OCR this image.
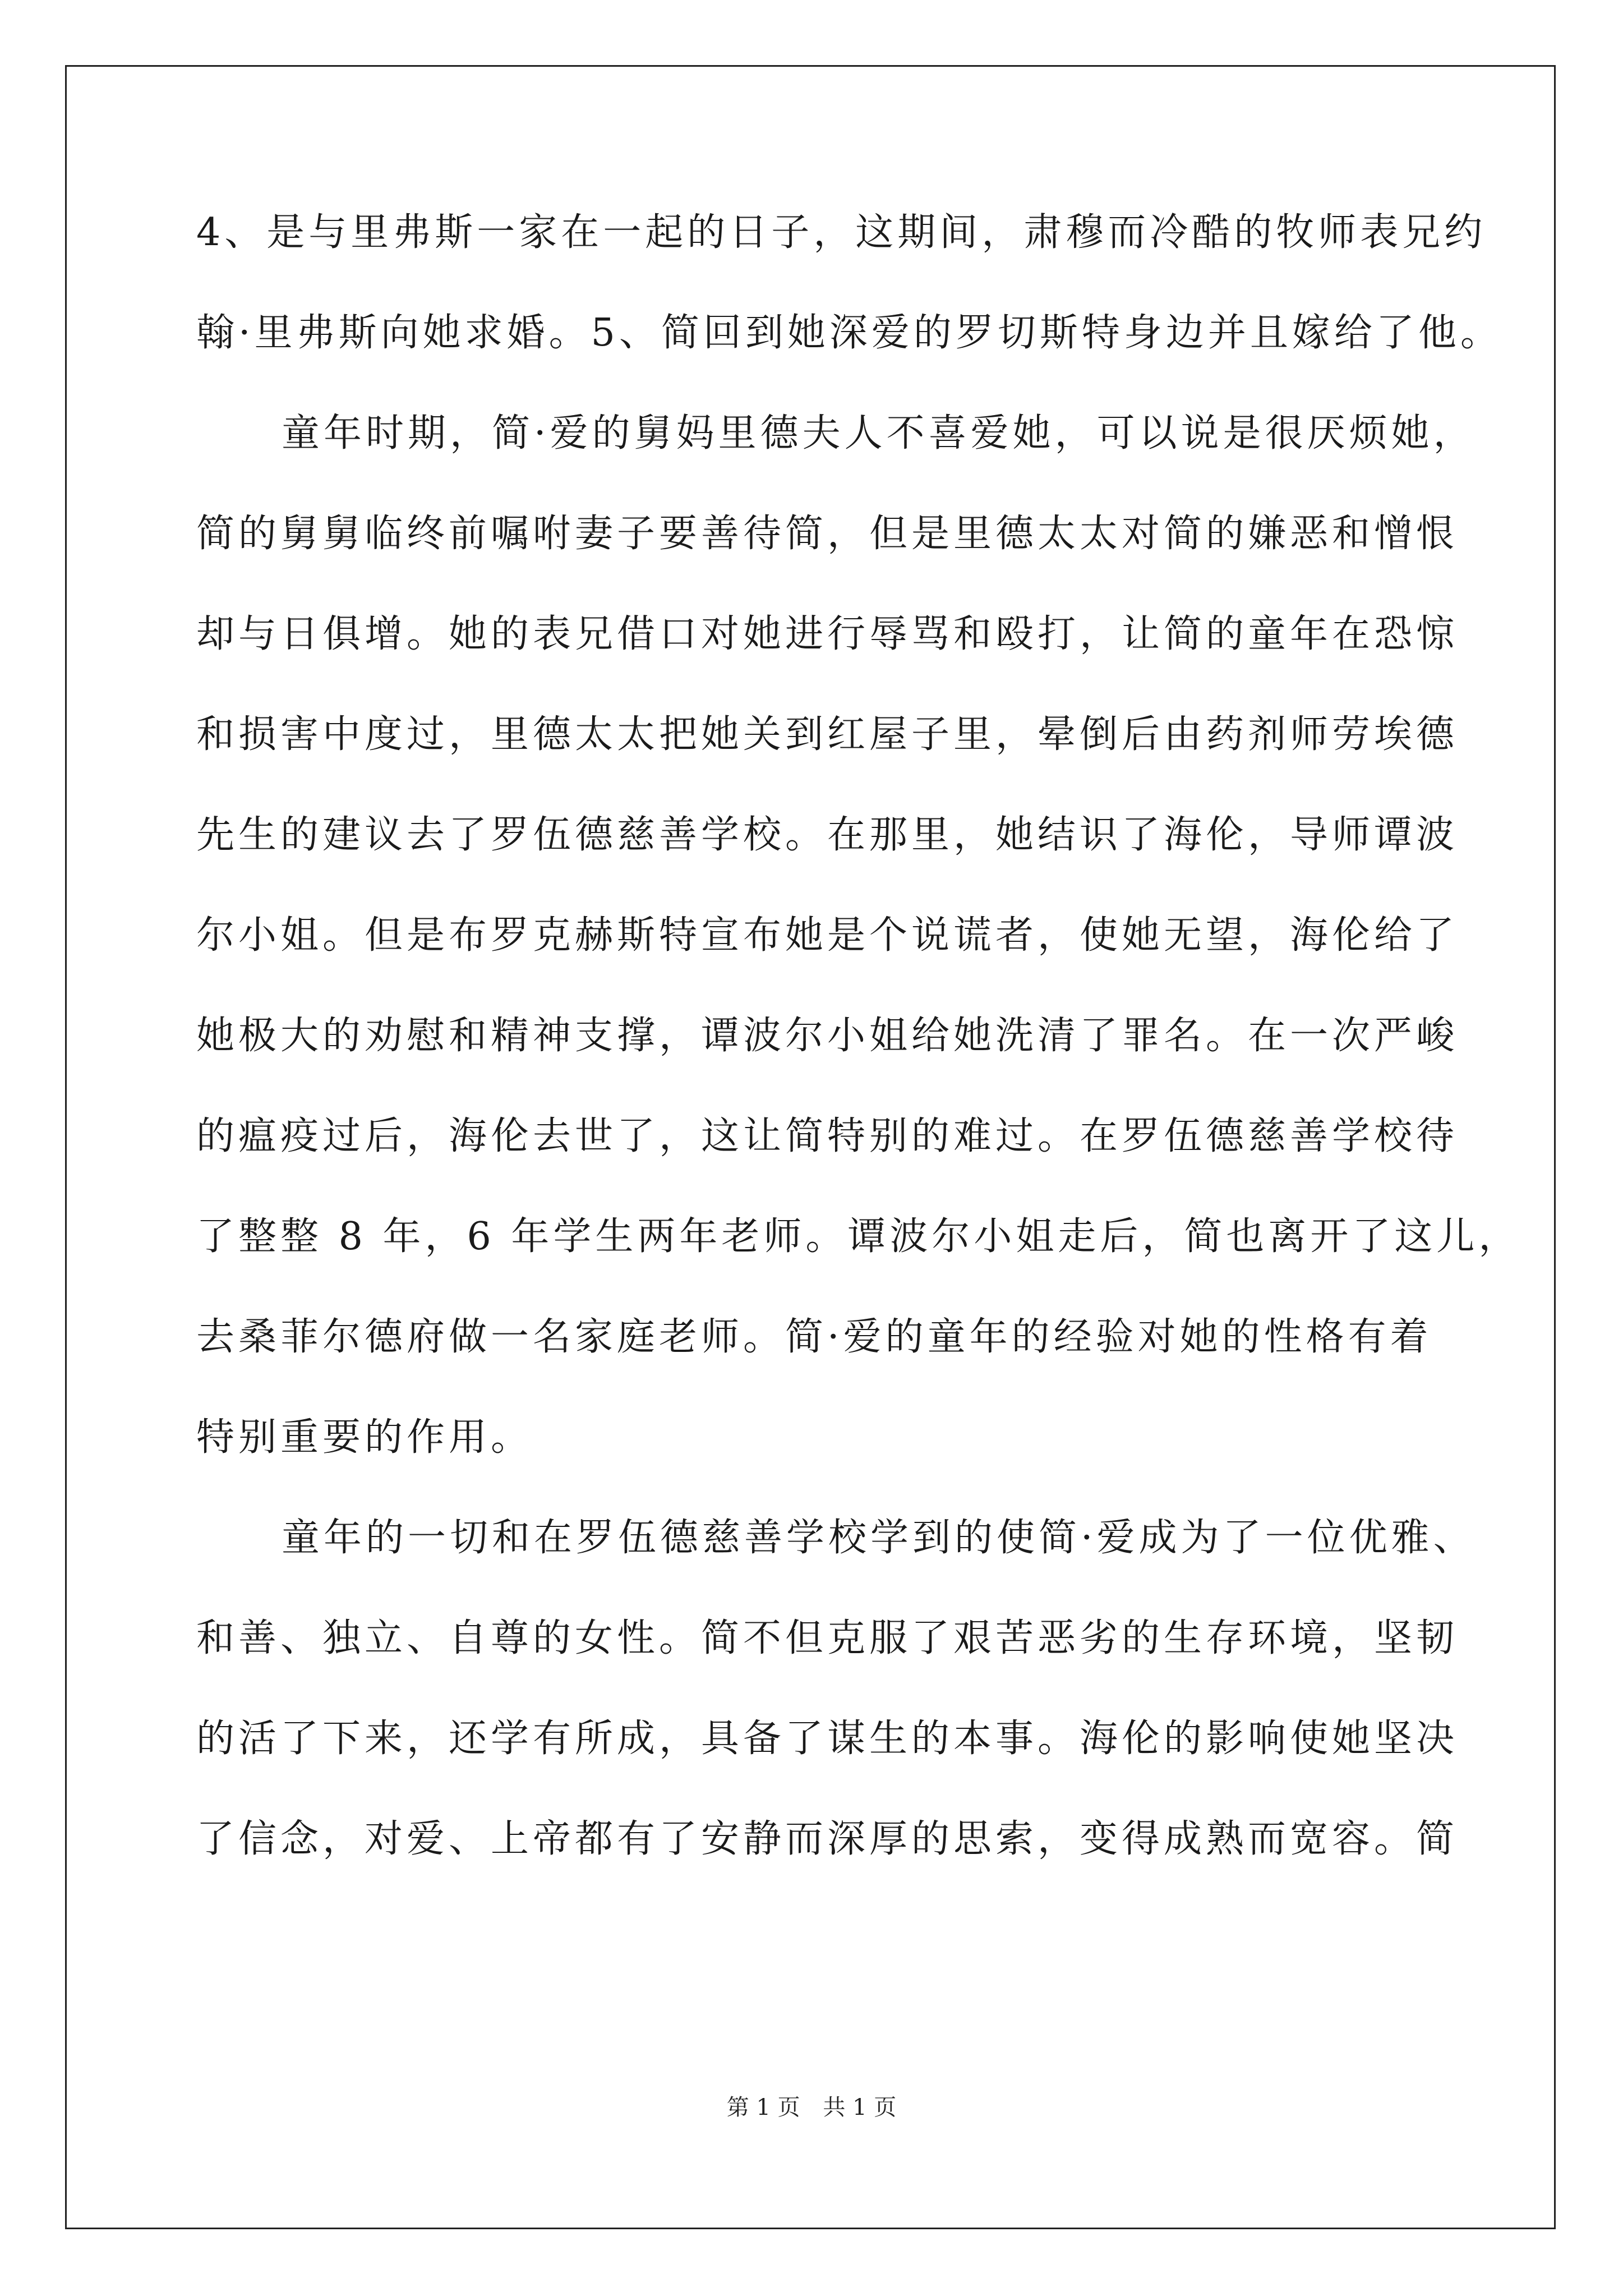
4、是与里弗斯一家在一起的日子，这期间，肃穆而冷酷的牧师表兄约
翰·里弗斯向她求婚。5、简回到她深爱的罗切斯特身边并且嫁给了他。
童年时期，简·爱的舅妈里德夫人不喜爱她，可以说是很厌烦她，
简的舅舅临终前嘱咐妻子要善待简，但是里德太太对简的嫌恶和憎恨
却与日俱增。她的表兄借口对她进行辱骂和殴打，让简的童年在恐惊
和损害中度过，里德太太把她关到红屋子里，晕倒后由药剂师劳埃德
先生的建议去了罗伍德慈善学校。在那里，她结识了海伦，导师谭波
尔小姐。但是布罗克赫斯特宣布她是个说谎者，使她无望，海伦给了
她极大的劝慰和精神支撑，谭波尔小姐给她洗清了罪名。在一次严峻
的瘟疫过后，海伦去世了，这让简特别的难过。在罗伍德慈善学校待
了整整 8 年，6 年学生两年老师。谭波尔小姐走后，简也离开了这儿，
去桑菲尔德府做一名家庭老师。简·爱的童年的经验对她的性格有着
特别重要的作用。
童年的一切和在罗伍德慈善学校学到的使简·爱成为了一位优雅、
和善、独立、自尊的女性。简不但克服了艰苦恶劣的生存环境，坚韧
的活了下来，还学有所成，具备了谋生的本事。海伦的影响使她坚决
了信念，对爱、上帝都有了安静而深厚的思索，变得成熟而宽容。简
第 1 页 共 1 页
